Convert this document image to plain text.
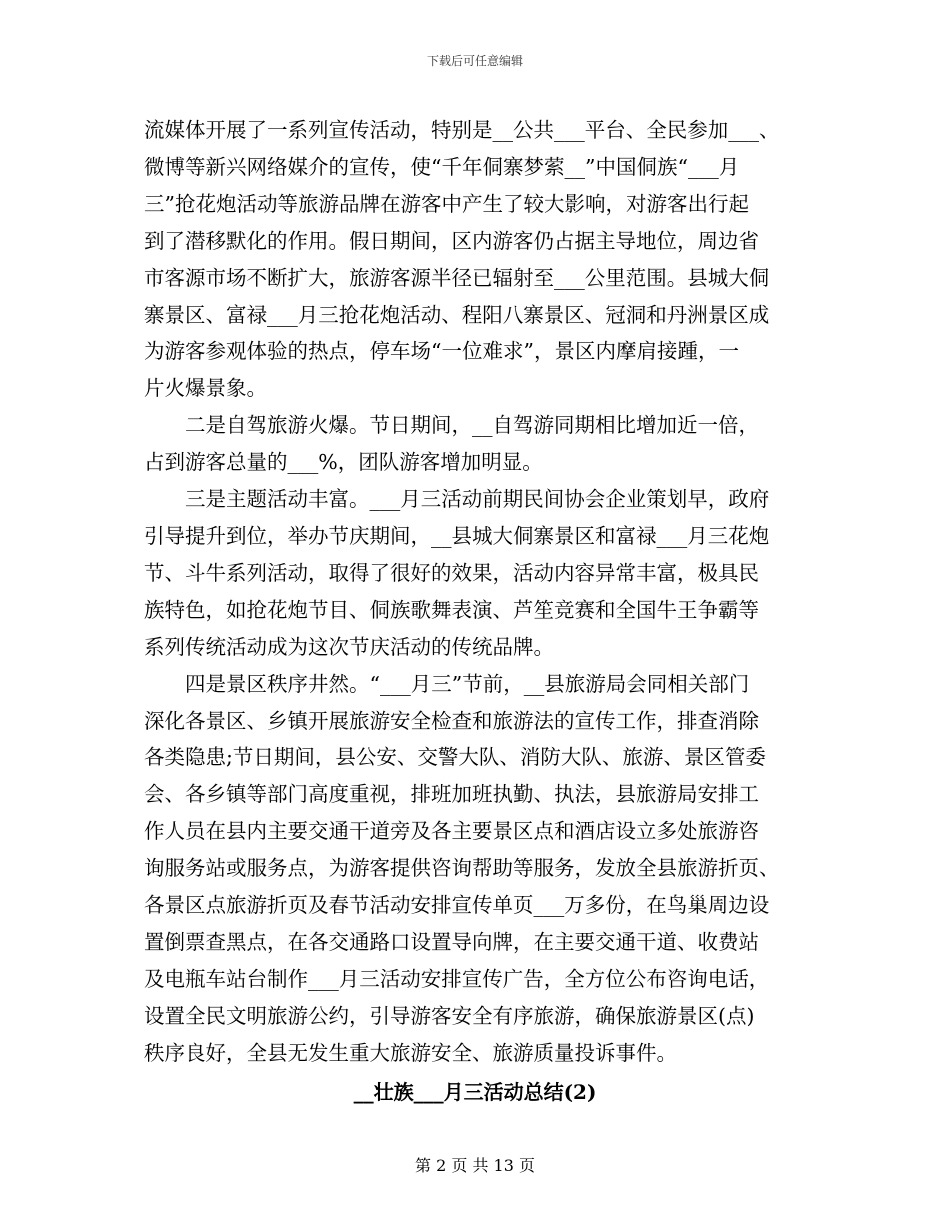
下载后可任意编辑

流媒体开展了一系列宣传活动，特别是__公共___平台、全民参加___、
微博等新兴网络媒介的宣传，使“千年侗寨梦萦__”中国侗族“___月
三”抢花炮活动等旅游品牌在游客中产生了较大影响，对游客出行起
到了潜移默化的作用。假日期间，区内游客仍占据主导地位，周边省
市客源市场不断扩大，旅游客源半径已辐射至___公里范围。县城大侗
寨景区、富禄___月三抢花炮活动、程阳八寨景区、冠洞和丹洲景区成
为游客参观体验的热点，停车场“一位难求”，景区内摩肩接踵，一
片火爆景象。

二是自驾旅游火爆。节日期间，__自驾游同期相比增加近一倍，
占到游客总量的___%，团队游客增加明显。

三是主题活动丰富。___月三活动前期民间协会企业策划早，政府
引导提升到位，举办节庆期间，__县城大侗寨景区和富禄___月三花炮
节、斗牛系列活动，取得了很好的效果，活动内容异常丰富，极具民
族特色，如抢花炮节目、侗族歌舞表演、芦笙竞赛和全国牛王争霸等
系列传统活动成为这次节庆活动的传统品牌。

四是景区秩序井然。“___月三”节前，__县旅游局会同相关部门
深化各景区、乡镇开展旅游安全检查和旅游法的宣传工作，排查消除
各类隐患;节日期间，县公安、交警大队、消防大队、旅游、景区管委
会、各乡镇等部门高度重视，排班加班执勤、执法，县旅游局安排工
作人员在县内主要交通干道旁及各主要景区点和酒店设立多处旅游咨
询服务站或服务点，为游客提供咨询帮助等服务，发放全县旅游折页、
各景区点旅游折页及春节活动安排宣传单页___万多份，在鸟巢周边设
置倒票查黑点，在各交通路口设置导向牌，在主要交通干道、收费站
及电瓶车站台制作___月三活动安排宣传广告，全方位公布咨询电话，
设置全民文明旅游公约，引导游客安全有序旅游，确保旅游景区(点)
秩序良好，全县无发生重大旅游安全、旅游质量投诉事件。

__壮族___月三活动总结(2)
第 2 页 共 13 页
